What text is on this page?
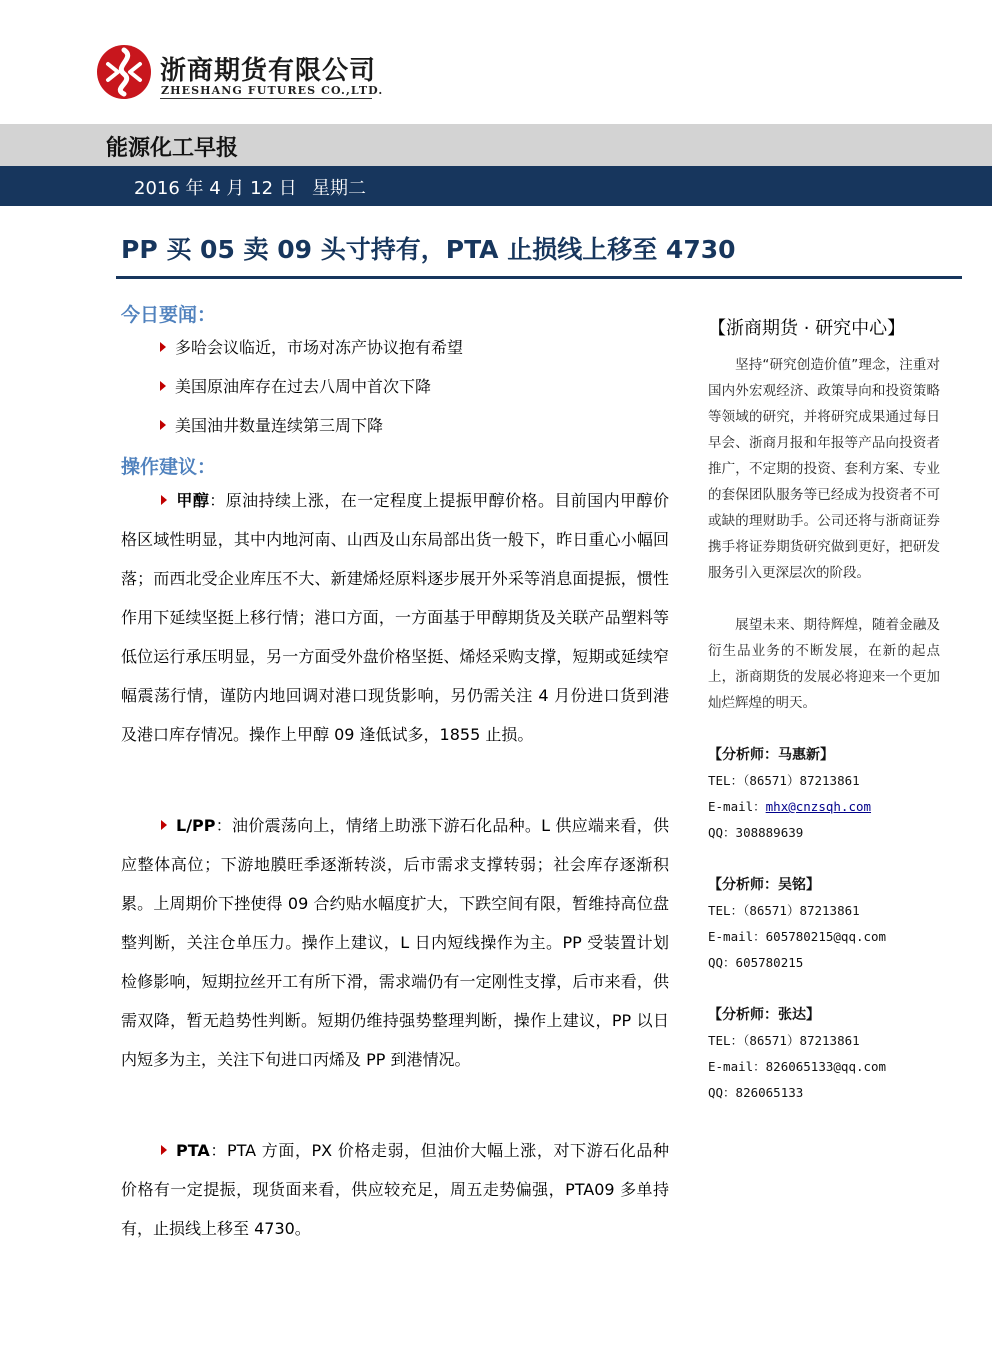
浙商期货有限公司
ZHESHANG FUTURES CO.,LTD.
能源化工早报
2016 年 4 月 12 日 星期二
PP 买 05 卖 09 头寸持有，PTA 止损线上移至 4730
今日要闻：
多哈会议临近，市场对冻产协议抱有希望
美国原油库存在过去八周中首次下降
美国油井数量连续第三周下降
操作建议：
甲醇：原油持续上涨，在一定程度上提振甲醇价格。目前国内甲醇价格区域性明显，其中内地河南、山西及山东局部出货一般下，昨日重心小幅回落；而西北受企业库压不大、新建烯烃原料逐步展开外采等消息面提振，惯性作用下延续坚挺上移行情；港口方面，一方面基于甲醇期货及关联产品塑料等低位运行承压明显，另一方面受外盘价格坚挺、烯烃采购支撑，短期或延续窄幅震荡行情，谨防内地回调对港口现货影响，另仍需关注 4 月份进口货到港及港口库存情况。操作上甲醇 09 逢低试多，1855 止损。
L/PP：油价震荡向上，情绪上助涨下游石化品种。L 供应端来看，供应整体高位；下游地膜旺季逐渐转淡，后市需求支撑转弱；社会库存逐渐积累。上周期价下挫使得 09 合约贴水幅度扩大，下跌空间有限，暂维持高位盘整判断，关注仓单压力。操作上建议，L 日内短线操作为主。PP 受装置计划检修影响，短期拉丝开工有所下滑，需求端仍有一定刚性支撑，后市来看，供需双降，暂无趋势性判断。短期仍维持强势整理判断，操作上建议，PP 以日内短多为主，关注下旬进口丙烯及 PP 到港情况。
PTA：PTA 方面，PX 价格走弱，但油价大幅上涨，对下游石化品种价格有一定提振，现货面来看，供应较充足，周五走势偏强，PTA09 多单持有，止损线上移至 4730。
【浙商期货 · 研究中心】
坚持“研究创造价值”理念，注重对国内外宏观经济、政策导向和投资策略等领域的研究，并将研究成果通过每日早会、浙商月报和年报等产品向投资者推广，不定期的投资、套利方案、专业的套保团队服务等已经成为投资者不可或缺的理财助手。公司还将与浙商证券携手将证券期货研究做到更好，把研发服务引入更深层次的阶段。
展望未来、期待辉煌，随着金融及衍生品业务的不断发展，在新的起点上，浙商期货的发展必将迎来一个更加灿烂辉煌的明天。
【分析师：马惠新】
TEL：（86571）87213861
E-mail：mhx@cnzsqh.com
QQ：308889639
【分析师：吴铭】
TEL：（86571）87213861
E-mail：605780215@qq.com
QQ：605780215
【分析师：张达】
TEL：（86571）87213861
E-mail：826065133@qq.com
QQ：826065133
